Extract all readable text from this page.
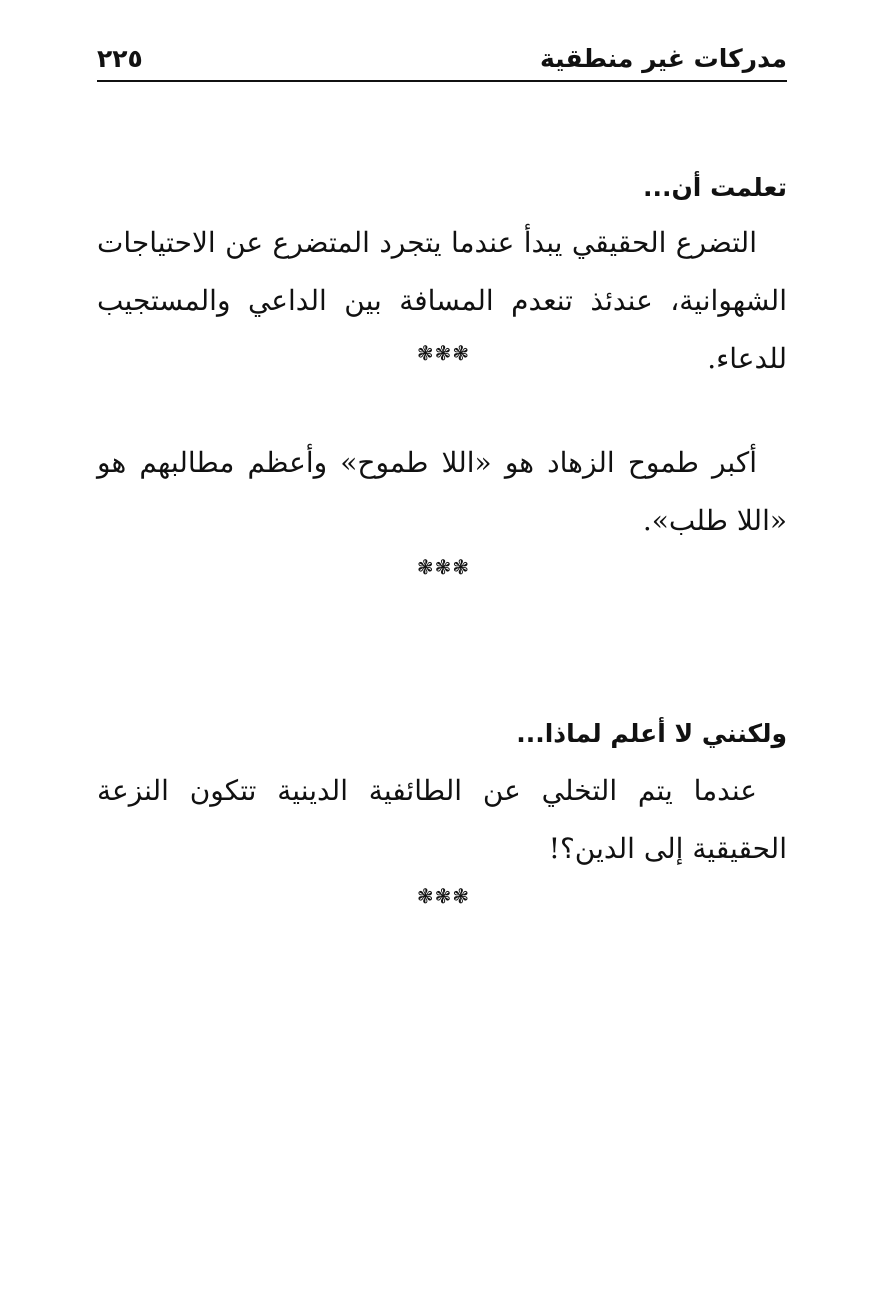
مدركات غير منطقية
٢٢٥
تعلمت أن...

التضرع الحقيقي يبدأ عندما يتجرد المتضرع عن الاحتياجات الشهوانية، عندئذ تنعدم المسافة بين الداعي والمستجيب للدعاء.

❃❃❃

أكبر طموح الزهاد هو «اللا طموح» وأعظم مطالبهم هو «اللا طلب».

❃❃❃
ولكنني لا أعلم لماذا...

عندما يتم التخلي عن الطائفية الدينية تتكون النزعة الحقيقية إلى الدين؟!

❃❃❃
